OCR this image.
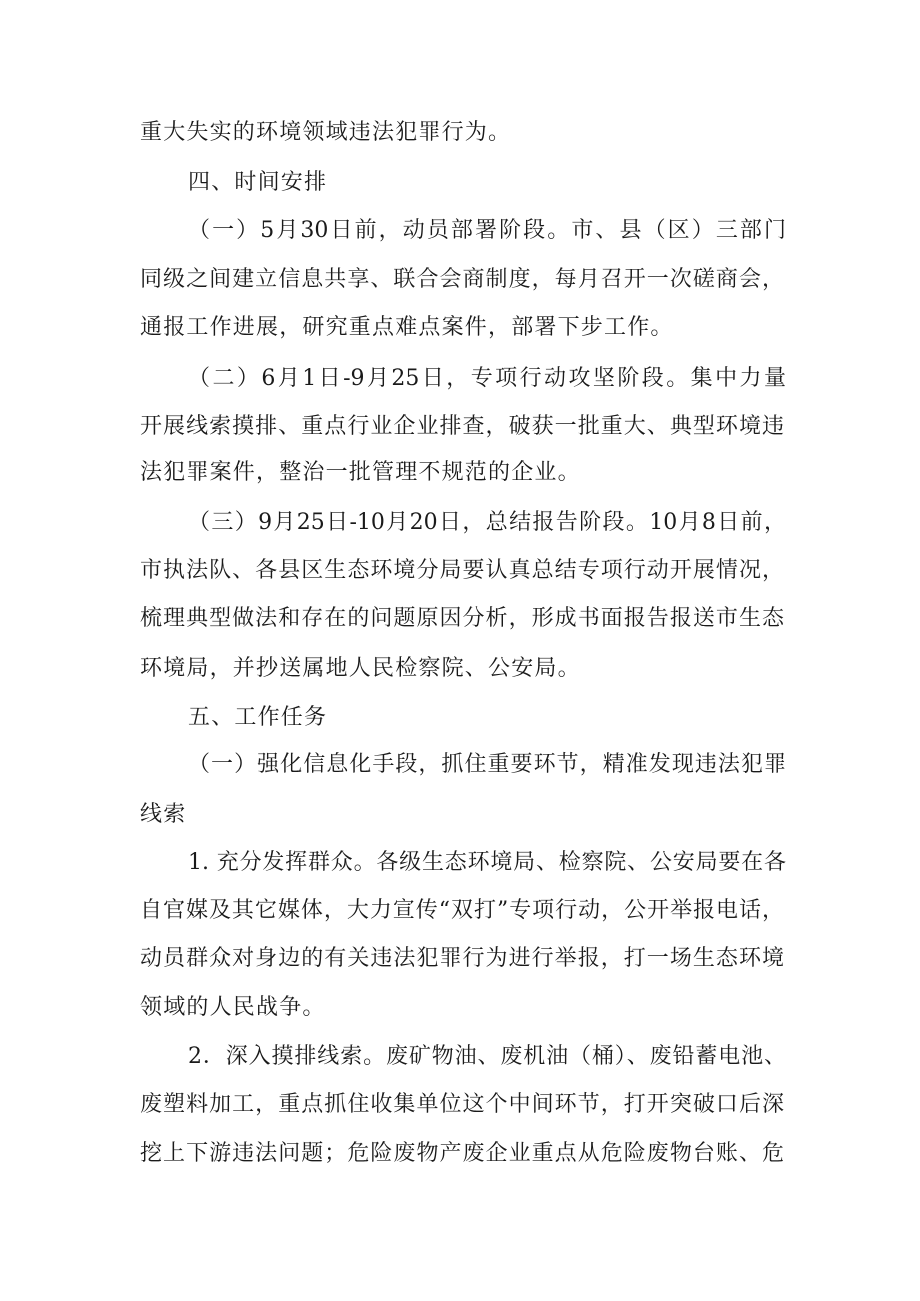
重大失实的环境领域违法犯罪行为。
四、时间安排
（一）5月30日前，动员部署阶段。市、县（区）三部门
同级之间建立信息共享、联合会商制度，每月召开一次磋商会，
通报工作进展，研究重点难点案件，部署下步工作。
（二）6月1日-9月25日，专项行动攻坚阶段。集中力量
开展线索摸排、重点行业企业排查，破获一批重大、典型环境违
法犯罪案件，整治一批管理不规范的企业。
（三）9月25日-10月20日，总结报告阶段。10月8日前，
市执法队、各县区生态环境分局要认真总结专项行动开展情况，
梳理典型做法和存在的问题原因分析，形成书面报告报送市生态
环境局，并抄送属地人民检察院、公安局。
五、工作任务
（一）强化信息化手段，抓住重要环节，精准发现违法犯罪
线索
1. 充分发挥群众。各级生态环境局、检察院、公安局要在各
自官媒及其它媒体，大力宣传“双打”专项行动，公开举报电话，
动员群众对身边的有关违法犯罪行为进行举报，打一场生态环境
领域的人民战争。
2．深入摸排线索。废矿物油、废机油（桶）、废铅蓄电池、
废塑料加工，重点抓住收集单位这个中间环节，打开突破口后深
挖上下游违法问题；危险废物产废企业重点从危险废物台账、危
